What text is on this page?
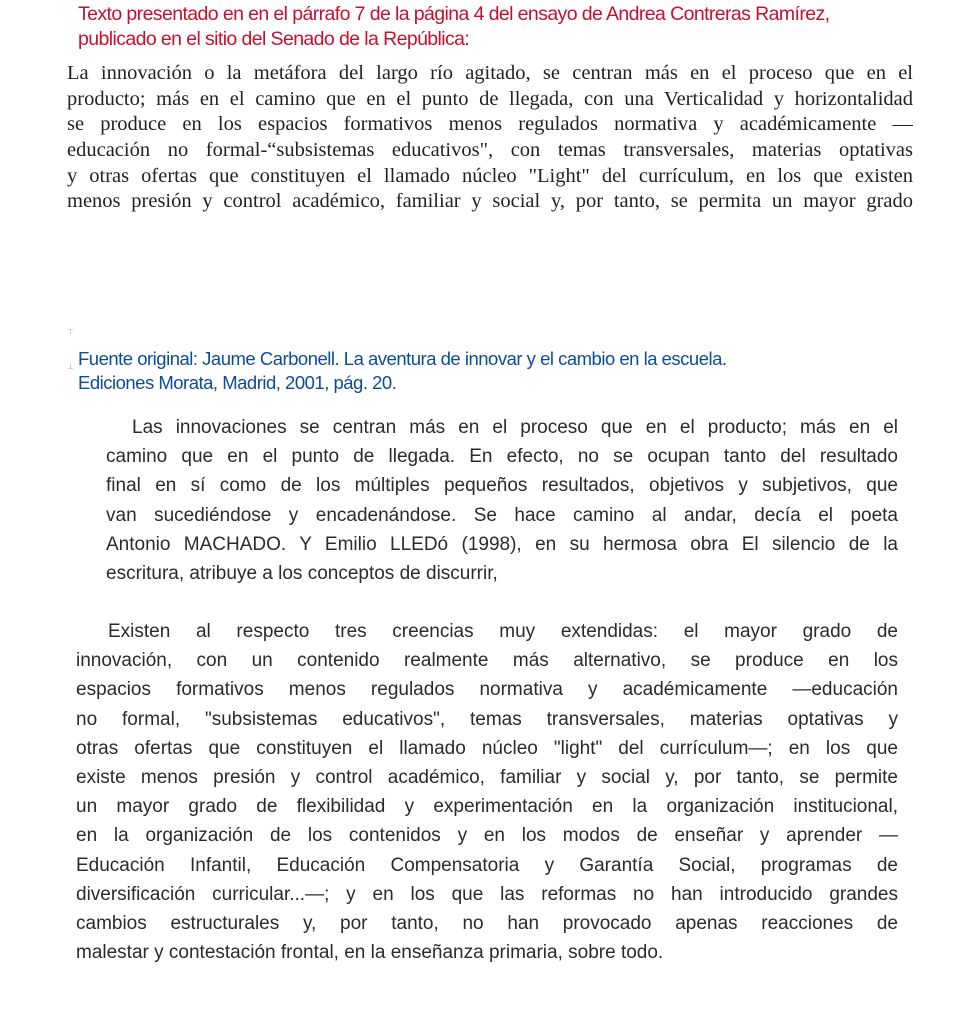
Texto presentado en en el párrafo 7 de la página 4 del ensayo de Andrea Contreras Ramírez,
publicado en el sitio del Senado de la República:
La innovación o la metáfora del largo río agitado, se centran más en el proceso que en el
producto; más en el camino que en el punto de llegada, con una Verticalidad y horizontalidad
se produce en los espacios formativos menos regulados normativa y académicamente —
educación no formal-“subsistemas educativos", con temas transversales, materias optativas
y otras ofertas que constituyen el llamado núcleo "Light" del currículum, en los que existen
menos presión y control académico, familiar y social y, por tanto, se permita un mayor grado
⊤
⊥ Fuente original: Jaume Carbonell. La aventura de innovar y el cambio en la escuela.
Ediciones Morata, Madrid, 2001, pág. 20.
Las innovaciones se centran más en el proceso que en el producto; más en el
camino que en el punto de llegada. En efecto, no se ocupan tanto del resultado
final en sí como de los múltiples pequeños resultados, objetivos y subjetivos, que
van sucediéndose y encadenándose. Se hace camino al andar, decía el poeta
Antonio MACHADO. Y Emilio LLEDó (1998), en su hermosa obra El silencio de la
escritura, atribuye a los conceptos de discurrir,
Existen al respecto tres creencias muy extendidas: el mayor grado de
innovación, con un contenido realmente más alternativo, se produce en los
espacios formativos menos regulados normativa y académicamente —educación
no formal, "subsistemas educativos", temas transversales, materias optativas y
otras ofertas que constituyen el llamado núcleo "light" del currículum—; en los que
existe menos presión y control académico, familiar y social y, por tanto, se permite
un mayor grado de flexibilidad y experimentación en la organización institucional,
en la organización de los contenidos y en los modos de enseñar y aprender —
Educación Infantil, Educación Compensatoria y Garantía Social, programas de
diversificación curricular...—; y en los que las reformas no han introducido grandes
cambios estructurales y, por tanto, no han provocado apenas reacciones de
malestar y contestación frontal, en la enseñanza primaria, sobre todo.
